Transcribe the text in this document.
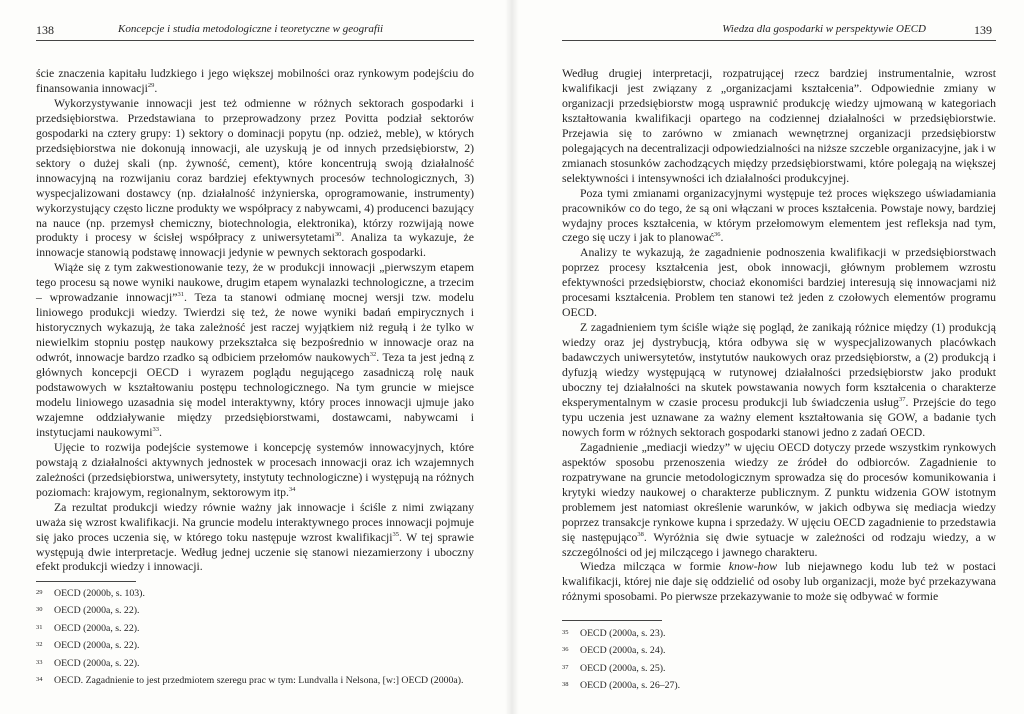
138	Koncepcje i studia metodologiczne i teoretyczne w geografii

ście znaczenia kapitału ludzkiego i jego większej mobilności oraz rynkowym podejściu do finansowania innowacji$^{29}$.

Wykorzystywanie innowacji jest też odmienne w różnych sektorach gospodarki i przedsiębiorstwa. Przedstawiana to przeprowadzony przez Povitta podział sektorów gospodarki na cztery grupy: 1) sektory o dominacji popytu (np. odzież, meble), w których przedsiębiorstwa nie dokonują innowacji, ale uzyskują je od innych przedsiębiorstw, 2) sektory o dużej skali (np. żywność, cement), które koncentrują swoją działalność innowacyjną na rozwijaniu coraz bardziej efektywnych procesów technologicznych, 3) wyspecjalizowani dostawcy (np. działalność inżynierska, oprogramowanie, instrumenty) wykorzystujący często liczne produkty we współpracy z nabywcami, 4) producenci bazujący na nauce (np. przemysł chemiczny, biotechnologia, elektronika), którzy rozwijają nowe produkty i procesy w ścisłej współpracy z uniwersytetami$^{30}$. Analiza ta wykazuje, że innowacje stanowią podstawę innowacji jedynie w pewnych sektorach gospodarki.

Wiąże się z tym zakwestionowanie tezy, że w produkcji innowacji „pierwszym etapem tego procesu są nowe wyniki naukowe, drugim etapem wynalazki technologiczne, a trzecim – wprowadzanie innowacji”$^{31}$. Teza ta stanowi odmianę mocnej wersji tzw. modelu liniowego produkcji wiedzy. Twierdzi się też, że nowe wyniki badań empirycznych i historycznych wykazują, że taka zależność jest raczej wyjątkiem niż regułą i że tylko w niewielkim stopniu postęp naukowy przekształca się bezpośrednio w innowacje oraz na odwrót, innowacje bardzo rzadko są odbiciem przełomów naukowych$^{32}$. Teza ta jest jedną z głównych koncepcji OECD i wyrazem poglądu negującego zasadniczą rolę nauk podstawowych w kształtowaniu postępu technologicznego. Na tym gruncie w miejsce modelu liniowego uzasadnia się model interaktywny, który proces innowacji ujmuje jako wzajemne oddziaływanie między przedsiębiorstwami, dostawcami, nabywcami i instytucjami naukowymi$^{33}$.

Ujęcie to rozwija podejście systemowe i koncepcję systemów innowacyjnych, które powstają z działalności aktywnych jednostek w procesach innowacji oraz ich wzajemnych zależności (przedsiębiorstwa, uniwersytety, instytuty technologiczne) i występują na różnych poziomach: krajowym, regionalnym, sektorowym itp.$^{34}$

Za rezultat produkcji wiedzy równie ważny jak innowacje i ściśle z nimi związany uważa się wzrost kwalifikacji. Na gruncie modelu interaktywnego proces innowacji pojmuje się jako proces uczenia się, w którego toku następuje wzrost kwalifikacji$^{35}$. W tej sprawie występują dwie interpretacje. Według jednej uczenie się stanowi niezamierzony i uboczny efekt produkcji wiedzy i innowacji.

29 OECD (2000b, s. 103).
30 OECD (2000a, s. 22).
31 OECD (2000a, s. 22).
32 OECD (2000a, s. 22).
33 OECD (2000a, s. 22).
34 OECD. Zagadnienie to jest przedmiotem szeregu prac w tym: Lundvalla i Nelsona, [w:] OECD (2000a).
Wiedza dla gospodarki w perspektywie OECD	139

Według drugiej interpretacji, rozpatrującej rzecz bardziej instrumentalnie, wzrost kwalifikacji jest związany z „organizacjami kształcenia”. Odpowiednie zmiany w organizacji przedsiębiorstw mogą usprawnić produkcję wiedzy ujmowaną w kategoriach kształtowania kwalifikacji opartego na codziennej działalności w przedsiębiorstwie. Przejawia się to zarówno w zmianach wewnętrznej organizacji przedsiębiorstw polegających na decentralizacji odpowiedzialności na niższe szczeble organizacyjne, jak i w zmianach stosunków zachodzących między przedsiębiorstwami, które polegają na większej selektywności i intensywności ich działalności produkcyjnej.

Poza tymi zmianami organizacyjnymi występuje też proces większego uświadamiania pracowników co do tego, że są oni włączani w proces kształcenia. Powstaje nowy, bardziej wydajny proces kształcenia, w którym przełomowym elementem jest refleksja nad tym, czego się uczy i jak to planować$^{36}$.

Analizy te wykazują, że zagadnienie podnoszenia kwalifikacji w przedsiębiorstwach poprzez procesy kształcenia jest, obok innowacji, głównym problemem wzrostu efektywności przedsiębiorstw, chociaż ekonomiści bardziej interesują się innowacjami niż procesami kształcenia. Problem ten stanowi też jeden z czołowych elementów programu OECD.

Z zagadnieniem tym ściśle wiąże się pogląd, że zanikają różnice między (1) produkcją wiedzy oraz jej dystrybucją, która odbywa się w wyspecjalizowanych placówkach badawczych uniwersytetów, instytutów naukowych oraz przedsiębiorstw, a (2) produkcją i dyfuzją wiedzy występującą w rutynowej działalności przedsiębiorstw jako produkt uboczny tej działalności na skutek powstawania nowych form kształcenia o charakterze eksperymentalnym w czasie procesu produkcji lub świadczenia usług$^{37}$. Przejście do tego typu uczenia jest uznawane za ważny element kształtowania się GOW, a badanie tych nowych form w różnych sektorach gospodarki stanowi jedno z zadań OECD.

Zagadnienie „mediacji wiedzy” w ujęciu OECD dotyczy przede wszystkim rynkowych aspektów sposobu przenoszenia wiedzy ze źródeł do odbiorców. Zagadnienie to rozpatrywane na gruncie metodologicznym sprowadza się do procesów komunikowania i krytyki wiedzy naukowej o charakterze publicznym. Z punktu widzenia GOW istotnym problemem jest natomiast określenie warunków, w jakich odbywa się mediacja wiedzy poprzez transakcje rynkowe kupna i sprzedaży. W ujęciu OECD zagadnienie to przedstawia się następująco$^{38}$. Wyróżnia się dwie sytuacje w zależności od rodzaju wiedzy, a w szczególności od jej milczącego i jawnego charakteru.

Wiedza milcząca w formie know-how lub niejawnego kodu lub też w postaci kwalifikacji, której nie daje się oddzielić od osoby lub organizacji, może być przekazywana różnymi sposobami. Po pierwsze przekazywanie to może się odbywać w formie

35 OECD (2000a, s. 23).
36 OECD (2000a, s. 24).
37 OECD (2000a, s. 25).
38 OECD (2000a, s. 26–27).
